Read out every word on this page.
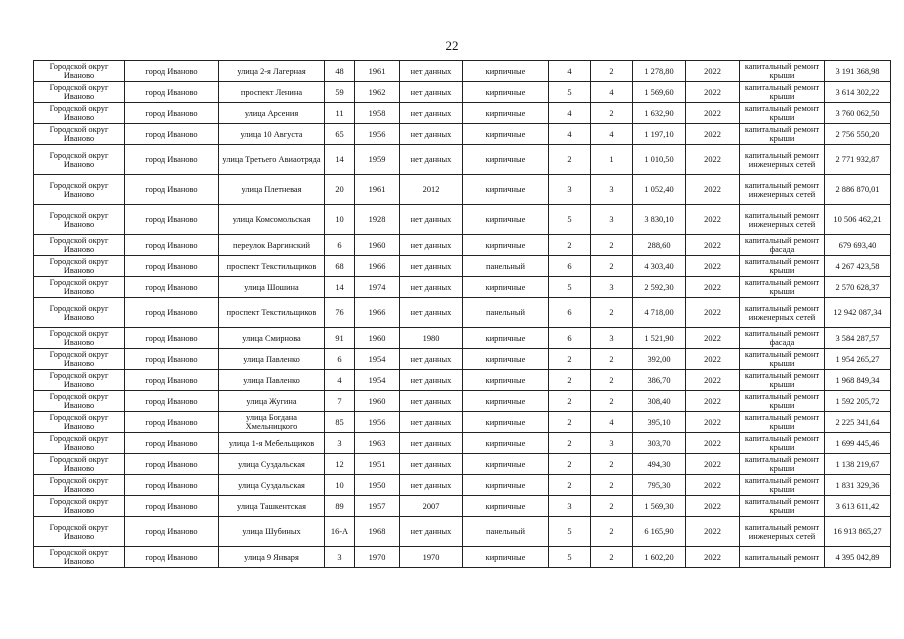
22
Городской округ Иваново	город Иваново	улица 2-я Лагерная	48	1961	нет данных	кирпичные	4	2	1 278,80	2022	капитальный ремонт крыши	3 191 368,98
Городской округ Иваново	город Иваново	проспект Ленина	59	1962	нет данных	кирпичные	5	4	1 569,60	2022	капитальный ремонт крыши	3 614 302,22
Городской округ Иваново	город Иваново	улица Арсения	11	1958	нет данных	кирпичные	4	2	1 632,90	2022	капитальный ремонт крыши	3 760 062,50
Городской округ Иваново	город Иваново	улица 10 Августа	65	1956	нет данных	кирпичные	4	4	1 197,10	2022	капитальный ремонт крыши	2 756 550,20
Городской округ Иваново	город Иваново	улица Третьего Авиаотряда	14	1959	нет данных	кирпичные	2	1	1 010,50	2022	капитальный ремонт инженерных сетей	2 771 932,87
Городской округ Иваново	город Иваново	улица Плетневая	20	1961	2012	кирпичные	3	3	1 052,40	2022	капитальный ремонт инженерных сетей	2 886 870,01
Городской округ Иваново	город Иваново	улица Комсомольская	10	1928	нет данных	кирпичные	5	3	3 830,10	2022	капитальный ремонт инженерных сетей	10 506 462,21
Городской округ Иваново	город Иваново	переулок Варгинский	6	1960	нет данных	кирпичные	2	2	288,60	2022	капитальный ремонт фасада	679 693,40
Городской округ Иваново	город Иваново	проспект Текстильщиков	68	1966	нет данных	панельный	6	2	4 303,40	2022	капитальный ремонт крыши	4 267 423,58
Городской округ Иваново	город Иваново	улица Шошина	14	1974	нет данных	кирпичные	5	3	2 592,30	2022	капитальный ремонт крыши	2 570 628,37
Городской округ Иваново	город Иваново	проспект Текстильщиков	76	1966	нет данных	панельный	6	2	4 718,00	2022	капитальный ремонт инженерных сетей	12 942 087,34
Городской округ Иваново	город Иваново	улица Смирнова	91	1960	1980	кирпичные	6	3	1 521,90	2022	капитальный ремонт фасада	3 584 287,57
Городской округ Иваново	город Иваново	улица Павленко	6	1954	нет данных	кирпичные	2	2	392,00	2022	капитальный ремонт крыши	1 954 265,27
Городской округ Иваново	город Иваново	улица Павленко	4	1954	нет данных	кирпичные	2	2	386,70	2022	капитальный ремонт крыши	1 968 849,34
Городской округ Иваново	город Иваново	улица Жугина	7	1960	нет данных	кирпичные	2	2	308,40	2022	капитальный ремонт крыши	1 592 205,72
Городской округ Иваново	город Иваново	улица Богдана Хмельницкого	85	1956	нет данных	кирпичные	2	4	395,10	2022	капитальный ремонт крыши	2 225 341,64
Городской округ Иваново	город Иваново	улица 1-я Мебельщиков	3	1963	нет данных	кирпичные	2	3	303,70	2022	капитальный ремонт крыши	1 699 445,46
Городской округ Иваново	город Иваново	улица Суздальская	12	1951	нет данных	кирпичные	2	2	494,30	2022	капитальный ремонт крыши	1 138 219,67
Городской округ Иваново	город Иваново	улица Суздальская	10	1950	нет данных	кирпичные	2	2	795,30	2022	капитальный ремонт крыши	1 831 329,36
Городской округ Иваново	город Иваново	улица Ташкентская	89	1957	2007	кирпичные	3	2	1 569,30	2022	капитальный ремонт крыши	3 613 611,42
Городской округ Иваново	город Иваново	улица Шубиных	16-А	1968	нет данных	панельный	5	2	6 165,90	2022	капитальный ремонт инженерных сетей	16 913 865,27
Городской округ Иваново	город Иваново	улица 9 Января	3	1970	1970	кирпичные	5	2	1 602,20	2022	капитальный ремонт	4 395 042,89
